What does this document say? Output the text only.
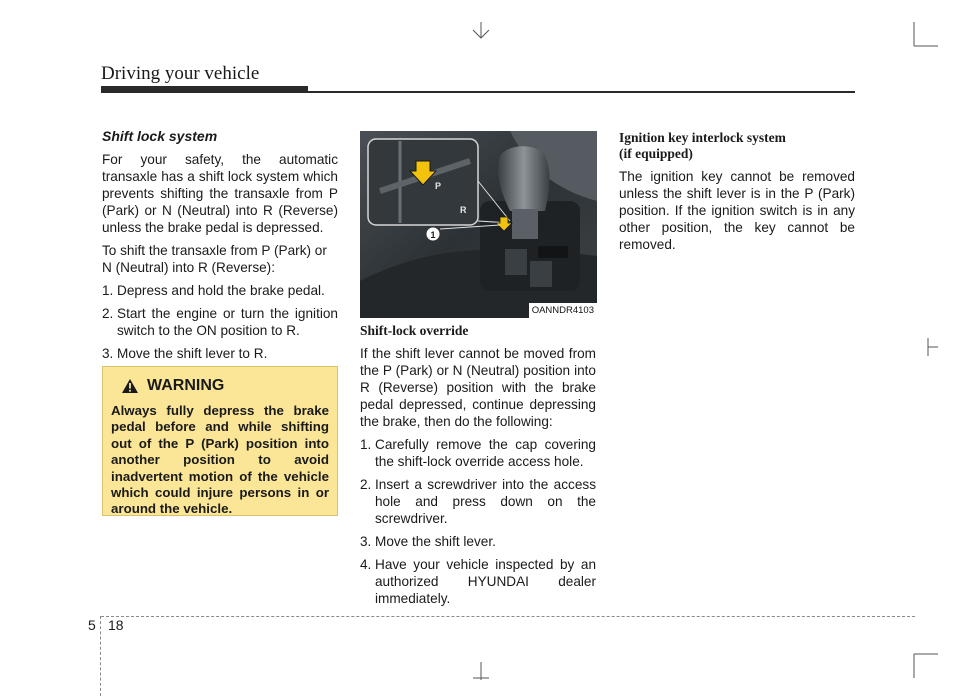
Driving your vehicle
Shift lock system

For your safety, the automatic transaxle has a shift lock system which prevents shifting the transaxle from P (Park) or N (Neutral) into R (Reverse) unless the brake pedal is depressed.

To shift the transaxle from P (Park) or N (Neutral) into R (Reverse):

1. Depress and hold the brake pedal.
2. Start the engine or turn the ignition switch to the ON position to R.
3. Move the shift lever to R.
WARNING
Always fully depress the brake pedal before and while shifting out of the P (Park) position into another position to avoid inadvertent motion of the vehicle which could injure persons in or around the vehicle.
P
R
1
OANNDR4103
Shift-lock override

If the shift lever cannot be moved from the P (Park) or N (Neutral) position into R (Reverse) position with the brake pedal depressed, continue depressing the brake, then do the following:

1. Carefully remove the cap covering the shift-lock override access hole.
2. Insert a screwdriver into the access hole and press down on the screwdriver.
3. Move the shift lever.
4. Have your vehicle inspected by an authorized HYUNDAI dealer immediately.
Ignition key interlock system
(if equipped)

The ignition key cannot be removed unless the shift lever is in the P (Park) position. If the ignition switch is in any other position, the key cannot be removed.

5 18
